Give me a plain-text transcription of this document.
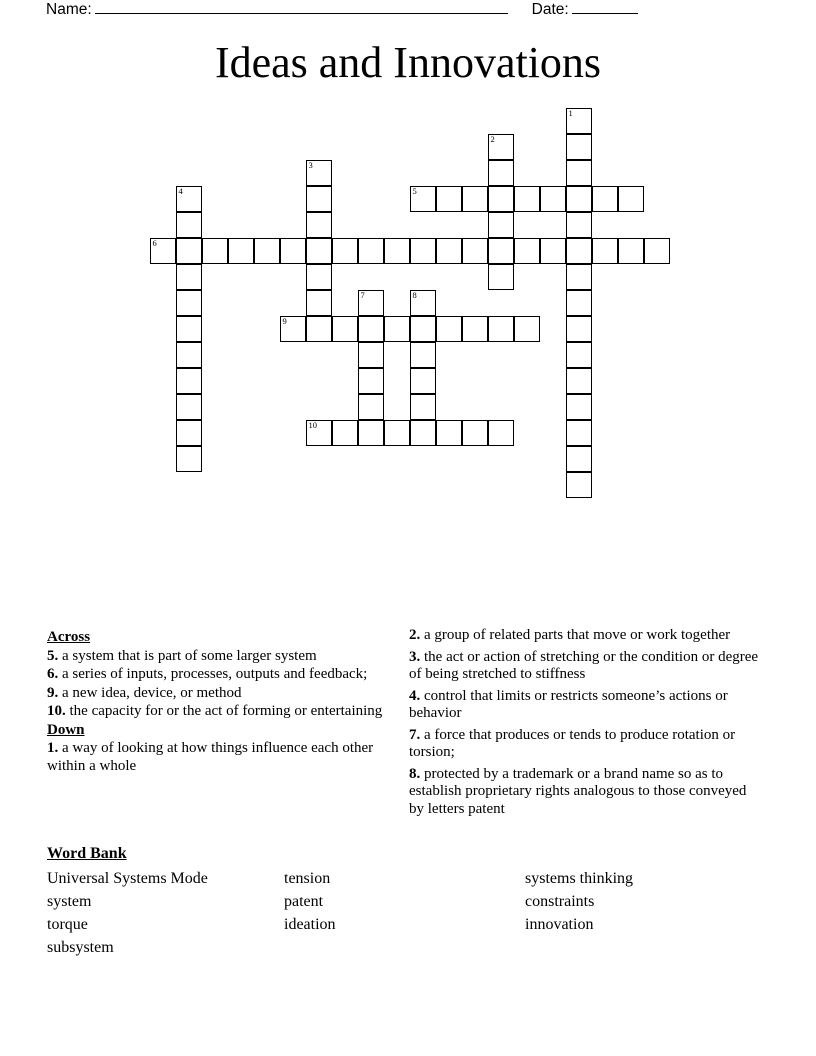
Name:	Date:
Ideas and Innovations
1
2
3
4	5
6
7	8
9
10
Across
5. a system that is part of some larger system
6. a series of inputs, processes, outputs and feedback;
9. a new idea, device, or method
10. the capacity for or the act of forming or entertaining
Down
1. a way of looking at how things influence each other within a whole
2. a group of related parts that move or work together
3. the act or action of stretching or the condition or degree of being stretched to stiffness
4. control that limits or restricts someone’s actions or behavior
7. a force that produces or tends to produce rotation or torsion;
8. protected by a trademark or a brand name so as to establish proprietary rights analogous to those conveyed by letters patent
Word Bank
Universal Systems Mode
system
torque
subsystem
tension
patent
ideation
systems thinking
constraints
innovation
